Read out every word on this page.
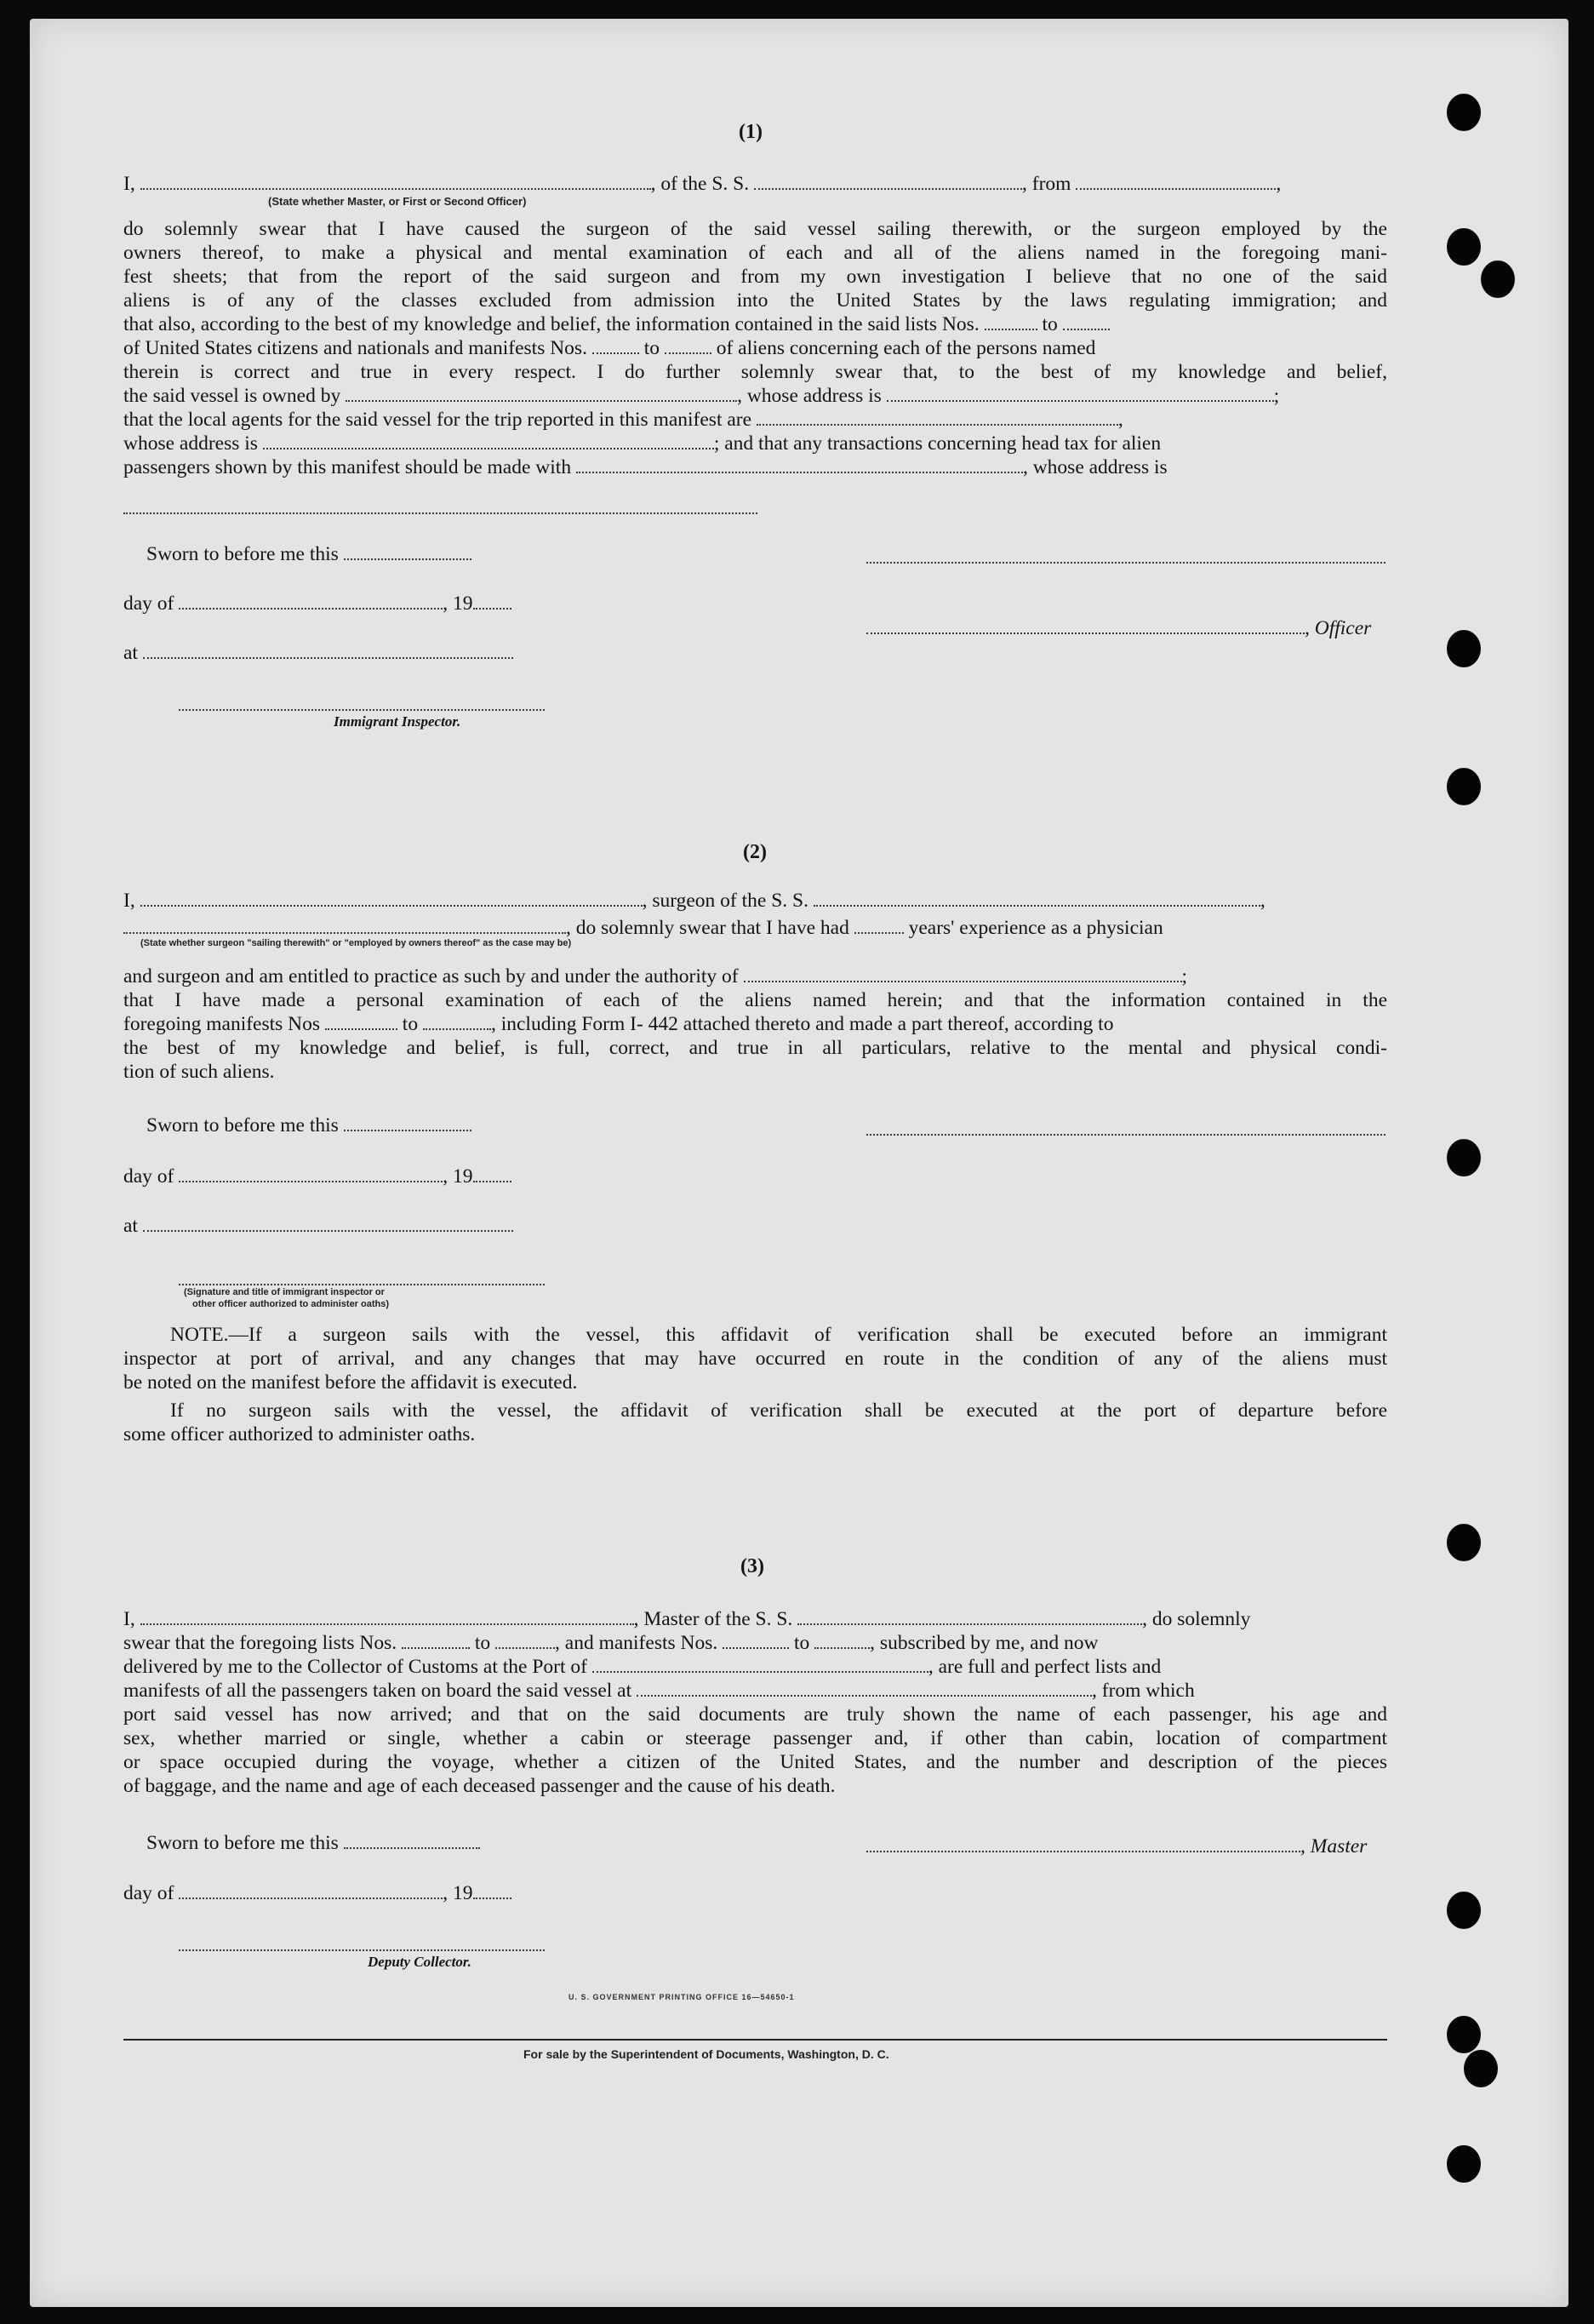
(1)
I,	, of the S. S.	, from	,
(State whether Master, or First or Second Officer)
do solemnly swear that I have caused the surgeon of the said vessel sailing therewith, or the surgeon employed by the
owners thereof, to make a physical and mental examination of each and all of the aliens named in the foregoing mani-
fest sheets; that from the report of the said surgeon and from my own investigation I believe that no one of the said
aliens is of any of the classes excluded from admission into the United States by the laws regulating immigration; and
that also, according to the best of my knowledge and belief, the information contained in the said lists Nos.	to
of United States citizens and nationals and manifests Nos.	to	of aliens concerning each of the persons named
therein is correct and true in every respect. I do further solemnly swear that, to the best of my knowledge and belief,
the said vessel is owned by	, whose address is	;
that the local agents for the said vessel for the trip reported in this manifest are	,
whose address is	; and that any transactions concerning head tax for alien
passengers shown by this manifest should be made with	, whose address is
Sworn to before me this
day of	, 19
, Officer
at
Immigrant Inspector.
(2)
I,	, surgeon of the S. S.	,
, do solemnly swear that I have had	years' experience as a physician
(State whether surgeon "sailing therewith" or "employed by owners thereof" as the case may be)
and surgeon and am entitled to practice as such by and under the authority of	;
that I have made a personal examination of each of the aliens named herein; and that the information contained in the
foregoing manifests Nos	to	, including Form I- 442 attached thereto and made a part thereof, according to
the best of my knowledge and belief, is full, correct, and true in all particulars, relative to the mental and physical condi-
tion of such aliens.
Sworn to before me this
day of	, 19
at
(Signature and title of immigrant inspector or
other officer authorized to administer oaths)
NOTE.—If a surgeon sails with the vessel, this affidavit of verification shall be executed before an immigrant
inspector at port of arrival, and any changes that may have occurred en route in the condition of any of the aliens must
be noted on the manifest before the affidavit is executed.
If no surgeon sails with the vessel, the affidavit of verification shall be executed at the port of departure before
some officer authorized to administer oaths.
(3)
I,	, Master of the S. S.	, do solemnly
swear that the foregoing lists Nos.	to	, and manifests Nos.	to	, subscribed by me, and now
delivered by me to the Collector of Customs at the Port of	, are full and perfect lists and
manifests of all the passengers taken on board the said vessel at	, from which
port said vessel has now arrived; and that on the said documents are truly shown the name of each passenger, his age and
sex, whether married or single, whether a cabin or steerage passenger and, if other than cabin, location of compartment
or space occupied during the voyage, whether a citizen of the United States, and the number and description of the pieces
of baggage, and the name and age of each deceased passenger and the cause of his death.
Sworn to before me this	, Master
day of	, 19
Deputy Collector.
U. S. GOVERNMENT PRINTING OFFICE 16—54650-1
For sale by the Superintendent of Documents, Washington, D. C.
